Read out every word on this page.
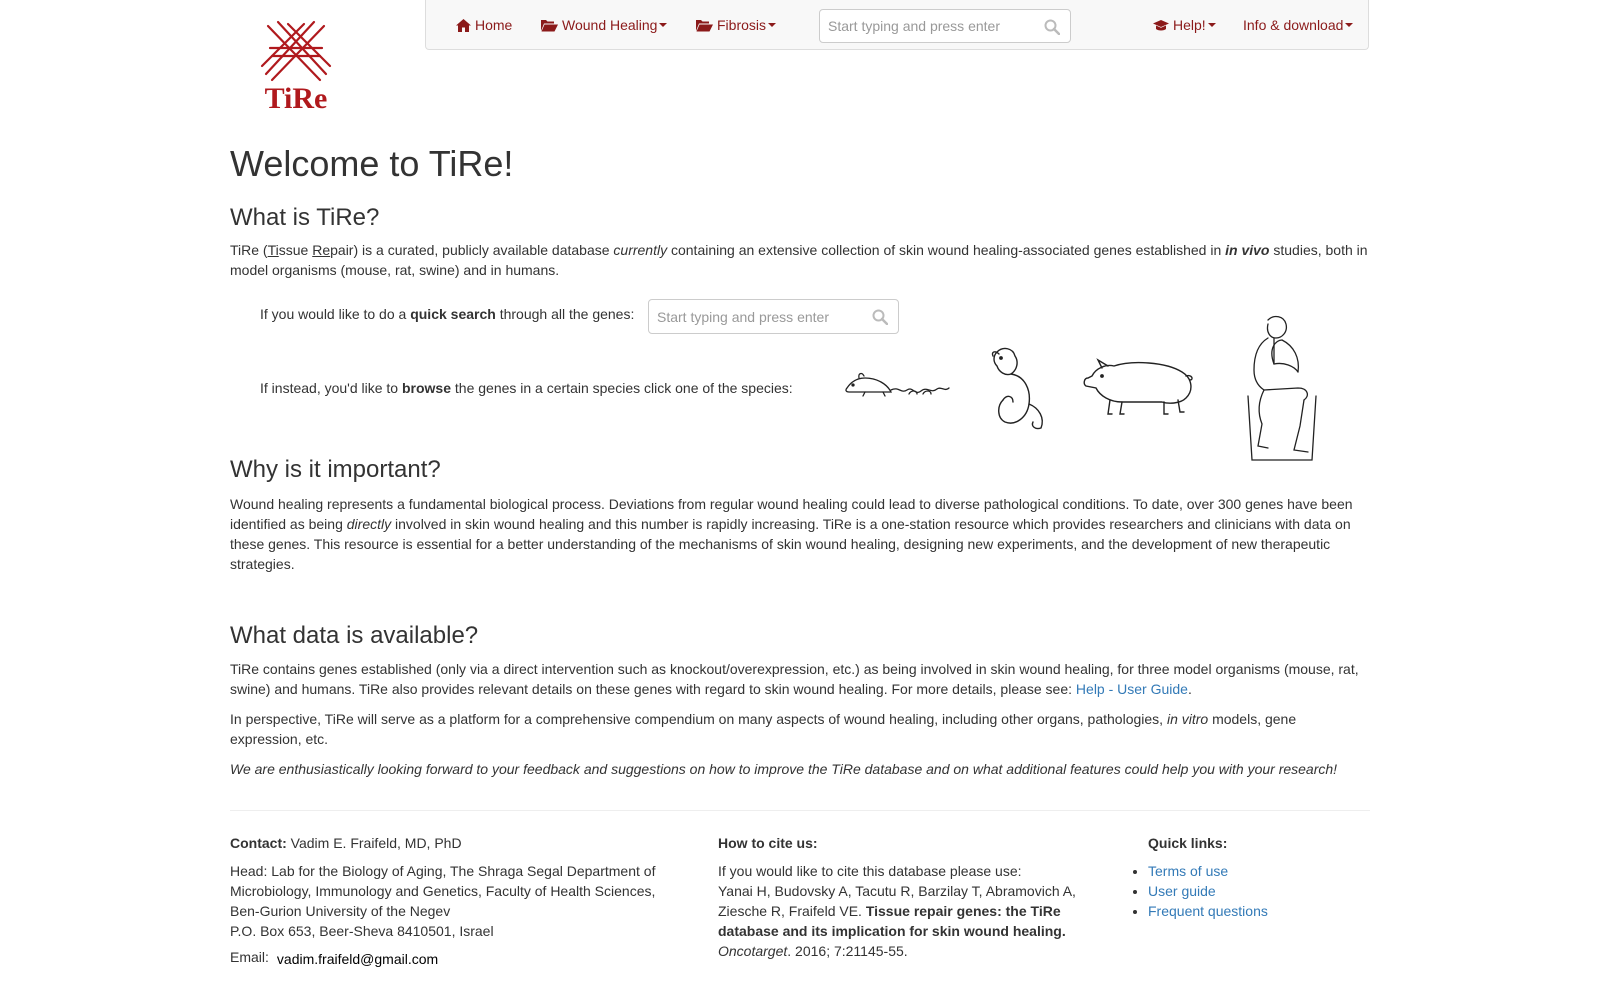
TiRe
Home	Wound Healing	Fibrosis
Start typing and press enter	Help!	Info & download
Welcome to TiRe!
What is TiRe?

TiRe (Tissue Repair) is a curated, publicly available database currently containing an extensive collection of skin wound healing-associated genes established in in vivo studies, both in model organisms (mouse, rat, swine) and in humans.

If you would like to do a quick search through all the genes:

Start typing and press enter

If instead, you'd like to browse the genes in a certain species click one of the species:

Why is it important?

Wound healing represents a fundamental biological process. Deviations from regular wound healing could lead to diverse pathological conditions. To date, over 300 genes have been identified as being directly involved in skin wound healing and this number is rapidly increasing. TiRe is a one-station resource which provides researchers and clinicians with data on these genes. This resource is essential for a better understanding of the mechanisms of skin wound healing, designing new experiments, and the development of new therapeutic strategies.

What data is available?

TiRe contains genes established (only via a direct intervention such as knockout/overexpression, etc.) as being involved in skin wound healing, for three model organisms (mouse, rat, swine) and humans. TiRe also provides relevant details on these genes with regard to skin wound healing. For more details, please see: Help - User Guide.

In perspective, TiRe will serve as a platform for a comprehensive compendium on many aspects of wound healing, including other organs, pathologies, in vitro models, gene expression, etc.

We are enthusiastically looking forward to your feedback and suggestions on how to improve the TiRe database and on what additional features could help you with your research!

Contact: Vadim E. Fraifeld, MD, PhD

Head: Lab for the Biology of Aging, The Shraga Segal Department of Microbiology, Immunology and Genetics, Faculty of Health Sciences, Ben-Gurion University of the Negev

P.O. Box 653, Beer-Sheva 8410501, Israel

Email: vadim.fraifeld@gmail.com

How to cite us:

If you would like to cite this database please use:

Yanai H, Budovsky A, Tacutu R, Barzilay T, Abramovich A, Ziesche R, Fraifeld VE. Tissue repair genes: the TiRe database and its implication for skin wound healing.
Oncotarget. 2016; 7:21145-55.

Quick links:

• Terms of use
• User guide
• Frequent questions
